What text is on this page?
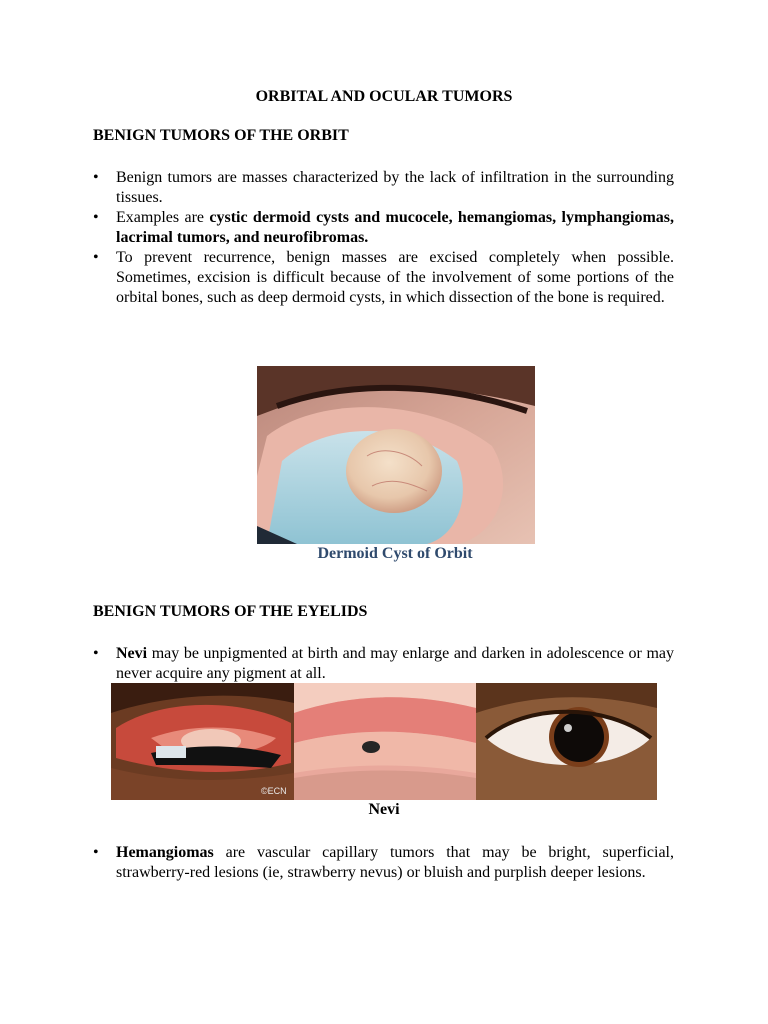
ORBITAL AND OCULAR TUMORS
BENIGN TUMORS OF THE ORBIT
• Benign tumors are masses characterized by the lack of infiltration in the surrounding tissues.
• Examples are cystic dermoid cysts and mucocele, hemangiomas, lymphangiomas, lacrimal tumors, and neurofibromas.
• To prevent recurrence, benign masses are excised completely when possible. Sometimes, excision is difficult because of the involvement of some portions of the orbital bones, such as deep dermoid cysts, in which dissection of the bone is required.
Dermoid Cyst of Orbit
BENIGN TUMORS OF THE EYELIDS
• Nevi may be unpigmented at birth and may enlarge and darken in adolescence or may never acquire any pigment at all.
©ECN
Nevi
• Hemangiomas are vascular capillary tumors that may be bright, superficial, strawberry-red lesions (ie, strawberry nevus) or bluish and purplish deeper lesions.
